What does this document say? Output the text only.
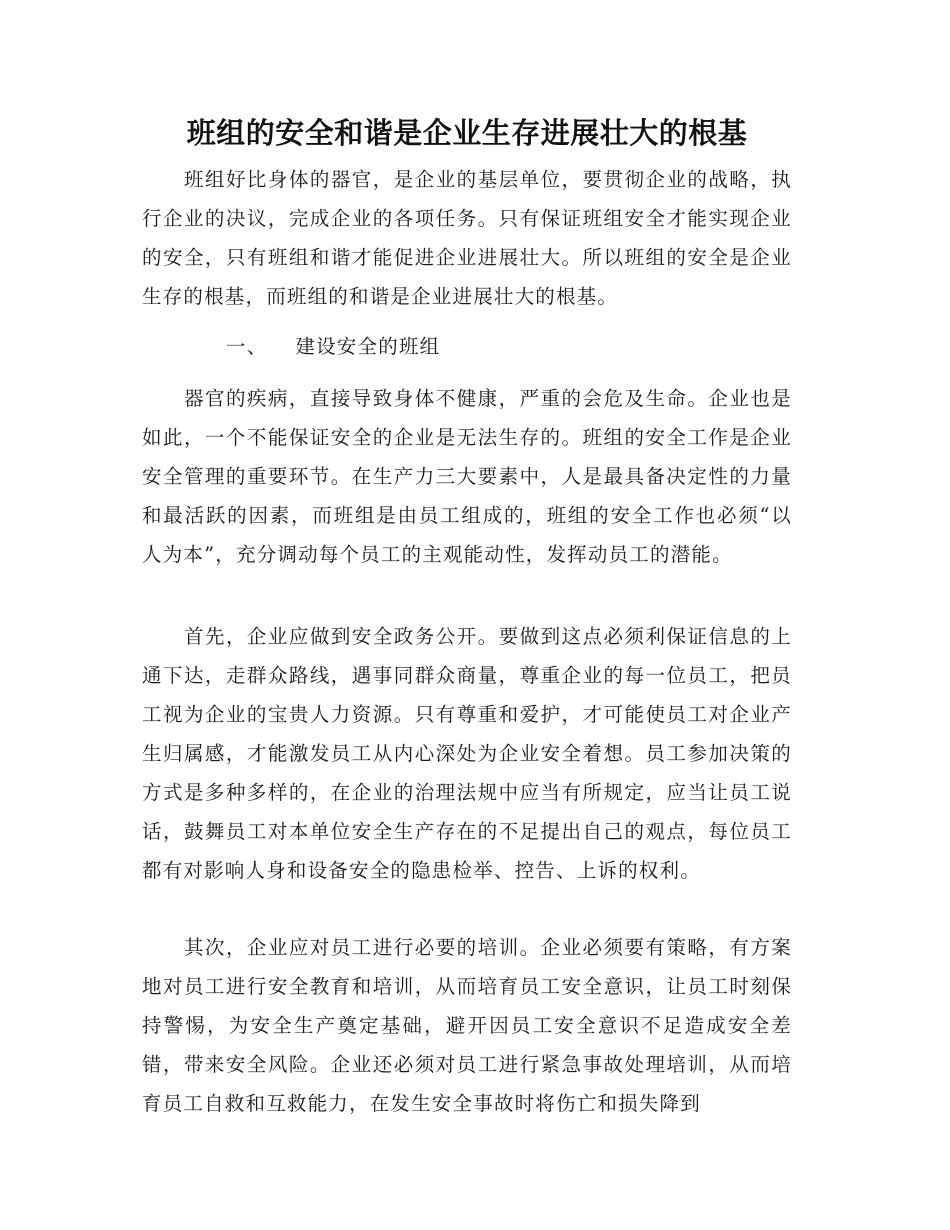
班组的安全和谐是企业生存进展壮大的根基

班组好比身体的器官，是企业的基层单位，要贯彻企业的战略，执行企业的决议，完成企业的各项任务。只有保证班组安全才能实现企业的安全，只有班组和谐才能促进企业进展壮大。所以班组的安全是企业生存的根基，而班组的和谐是企业进展壮大的根基。

一、 建设安全的班组

器官的疾病，直接导致身体不健康，严重的会危及生命。企业也是如此，一个不能保证安全的企业是无法生存的。班组的安全工作是企业安全管理的重要环节。在生产力三大要素中，人是最具备决定性的力量和最活跃的因素，而班组是由员工组成的，班组的安全工作也必须“以人为本”，充分调动每个员工的主观能动性，发挥动员工的潜能。

首先，企业应做到安全政务公开。要做到这点必须利保证信息的上通下达，走群众路线，遇事同群众商量，尊重企业的每一位员工，把员工视为企业的宝贵人力资源。只有尊重和爱护，才可能使员工对企业产生归属感，才能激发员工从内心深处为企业安全着想。员工参加决策的方式是多种多样的，在企业的治理法规中应当有所规定，应当让员工说话，鼓舞员工对本单位安全生产存在的不足提出自己的观点，每位员工都有对影响人身和设备安全的隐患检举、控告、上诉的权利。

其次，企业应对员工进行必要的培训。企业必须要有策略，有方案地对员工进行安全教育和培训，从而培育员工安全意识，让员工时刻保持警惕，为安全生产奠定基础，避开因员工安全意识不足造成安全差错，带来安全风险。企业还必须对员工进行紧急事故处理培训，从而培育员工自救和互救能力，在发生安全事故时将伤亡和损失降到
